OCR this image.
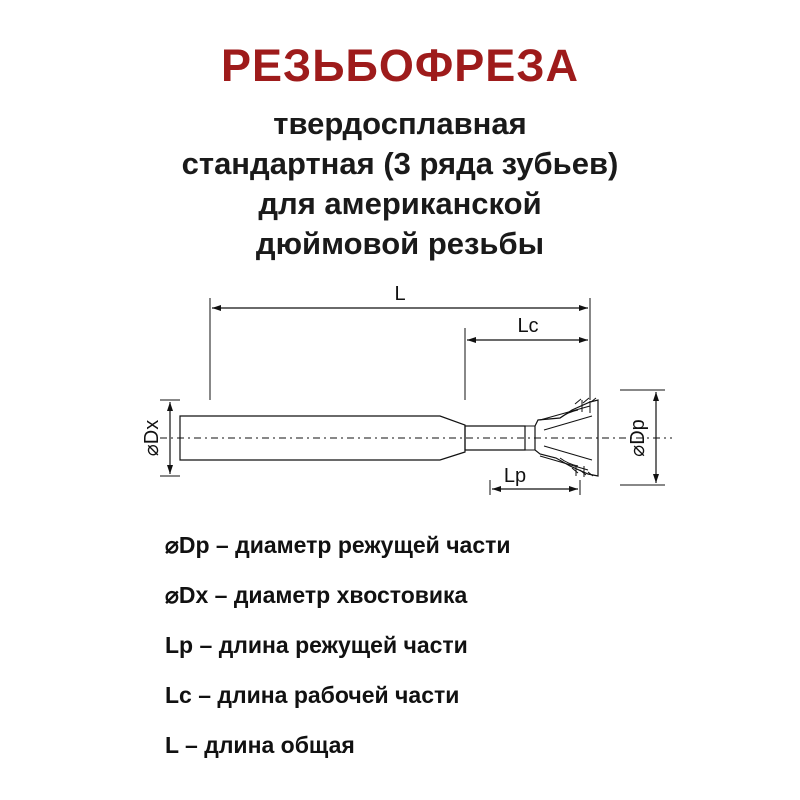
РЕЗЬБОФРЕЗА
твердосплавная
стандартная (3 ряда зубьев)
для американской
дюймовой резьбы
L
Lc
Lp
⌀Dx	⌀Dp
⌀Dp – диаметр режущей части
⌀Dx – диаметр хвостовика
Lp – длина режущей части
Lc – длина рабочей части
L – длина общая
